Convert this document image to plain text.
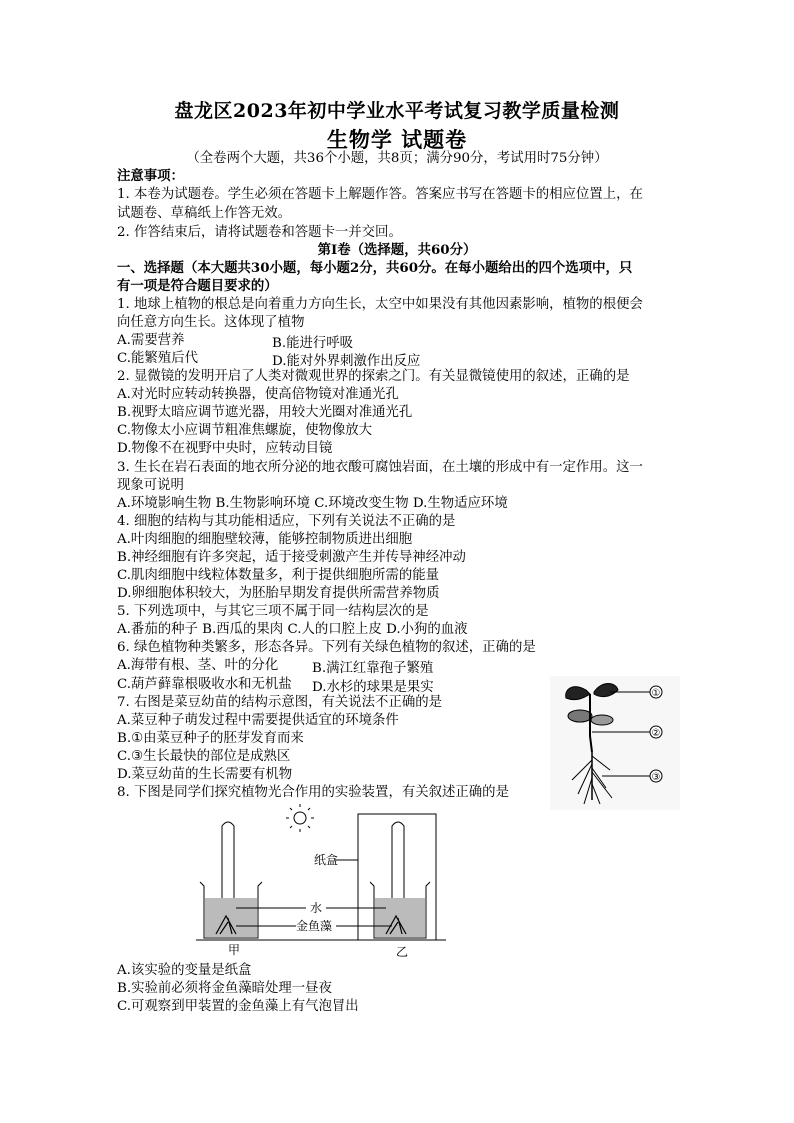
盘龙区2023年初中学业水平考试复习教学质量检测
生物学 试题卷
（全卷两个大题，共36个小题，共8页；满分90分，考试用时75分钟）
注意事项：
1. 本卷为试题卷。学生必须在答题卡上解题作答。答案应书写在答题卡的相应位置上，在
试题卷、草稿纸上作答无效。
2. 作答结束后，请将试题卷和答题卡一并交回。
第Ⅰ卷（选择题，共60分）
一、选择题（本大题共30小题，每小题2分，共60分。在每小题给出的四个选项中，只
有一项是符合题目要求的）
1. 地球上植物的根总是向着重力方向生长，太空中如果没有其他因素影响，植物的根便会
向任意方向生长。这体现了植物
A.需要营养	B.能进行呼吸
C.能繁殖后代	D.能对外界刺激作出反应
2. 显微镜的发明开启了人类对微观世界的探索之门。有关显微镜使用的叙述，正确的是
A.对光时应转动转换器，使高倍物镜对准通光孔
B.视野太暗应调节遮光器，用较大光圈对准通光孔
C.物像太小应调节粗准焦螺旋，使物像放大
D.物像不在视野中央时，应转动目镜
3. 生长在岩石表面的地衣所分泌的地衣酸可腐蚀岩面，在土壤的形成中有一定作用。这一
现象可说明
A.环境影响生物 B.生物影响环境 C.环境改变生物 D.生物适应环境
4. 细胞的结构与其功能相适应，下列有关说法不正确的是
A.叶肉细胞的细胞壁较薄，能够控制物质进出细胞
B.神经细胞有许多突起，适于接受刺激产生并传导神经冲动
C.肌肉细胞中线粒体数量多，利于提供细胞所需的能量
D.卵细胞体积较大，为胚胎早期发育提供所需营养物质
5. 下列选项中，与其它三项不属于同一结构层次的是
A.番茄的种子 B.西瓜的果肉 C.人的口腔上皮 D.小狗的血液
6. 绿色植物种类繁多，形态各异。下列有关绿色植物的叙述，正确的是
A.海带有根、茎、叶的分化	B.满江红靠孢子繁殖
C.葫芦藓靠根吸收水和无机盐 D.水杉的球果是果实
7. 右图是菜豆幼苗的结构示意图，有关说法不正确的是
A.菜豆种子萌发过程中需要提供适宜的环境条件
B.①由菜豆种子的胚芽发育而来
C.③生长最快的部位是成熟区
D.菜豆幼苗的生长需要有机物
8. 下图是同学们探究植物光合作用的实验装置，有关叙述正确的是
①
②
③
纸盒
水
金鱼藻
甲	乙
A.该实验的变量是纸盒
B.实验前必须将金鱼藻暗处理一昼夜
C.可观察到甲装置的金鱼藻上有气泡冒出
